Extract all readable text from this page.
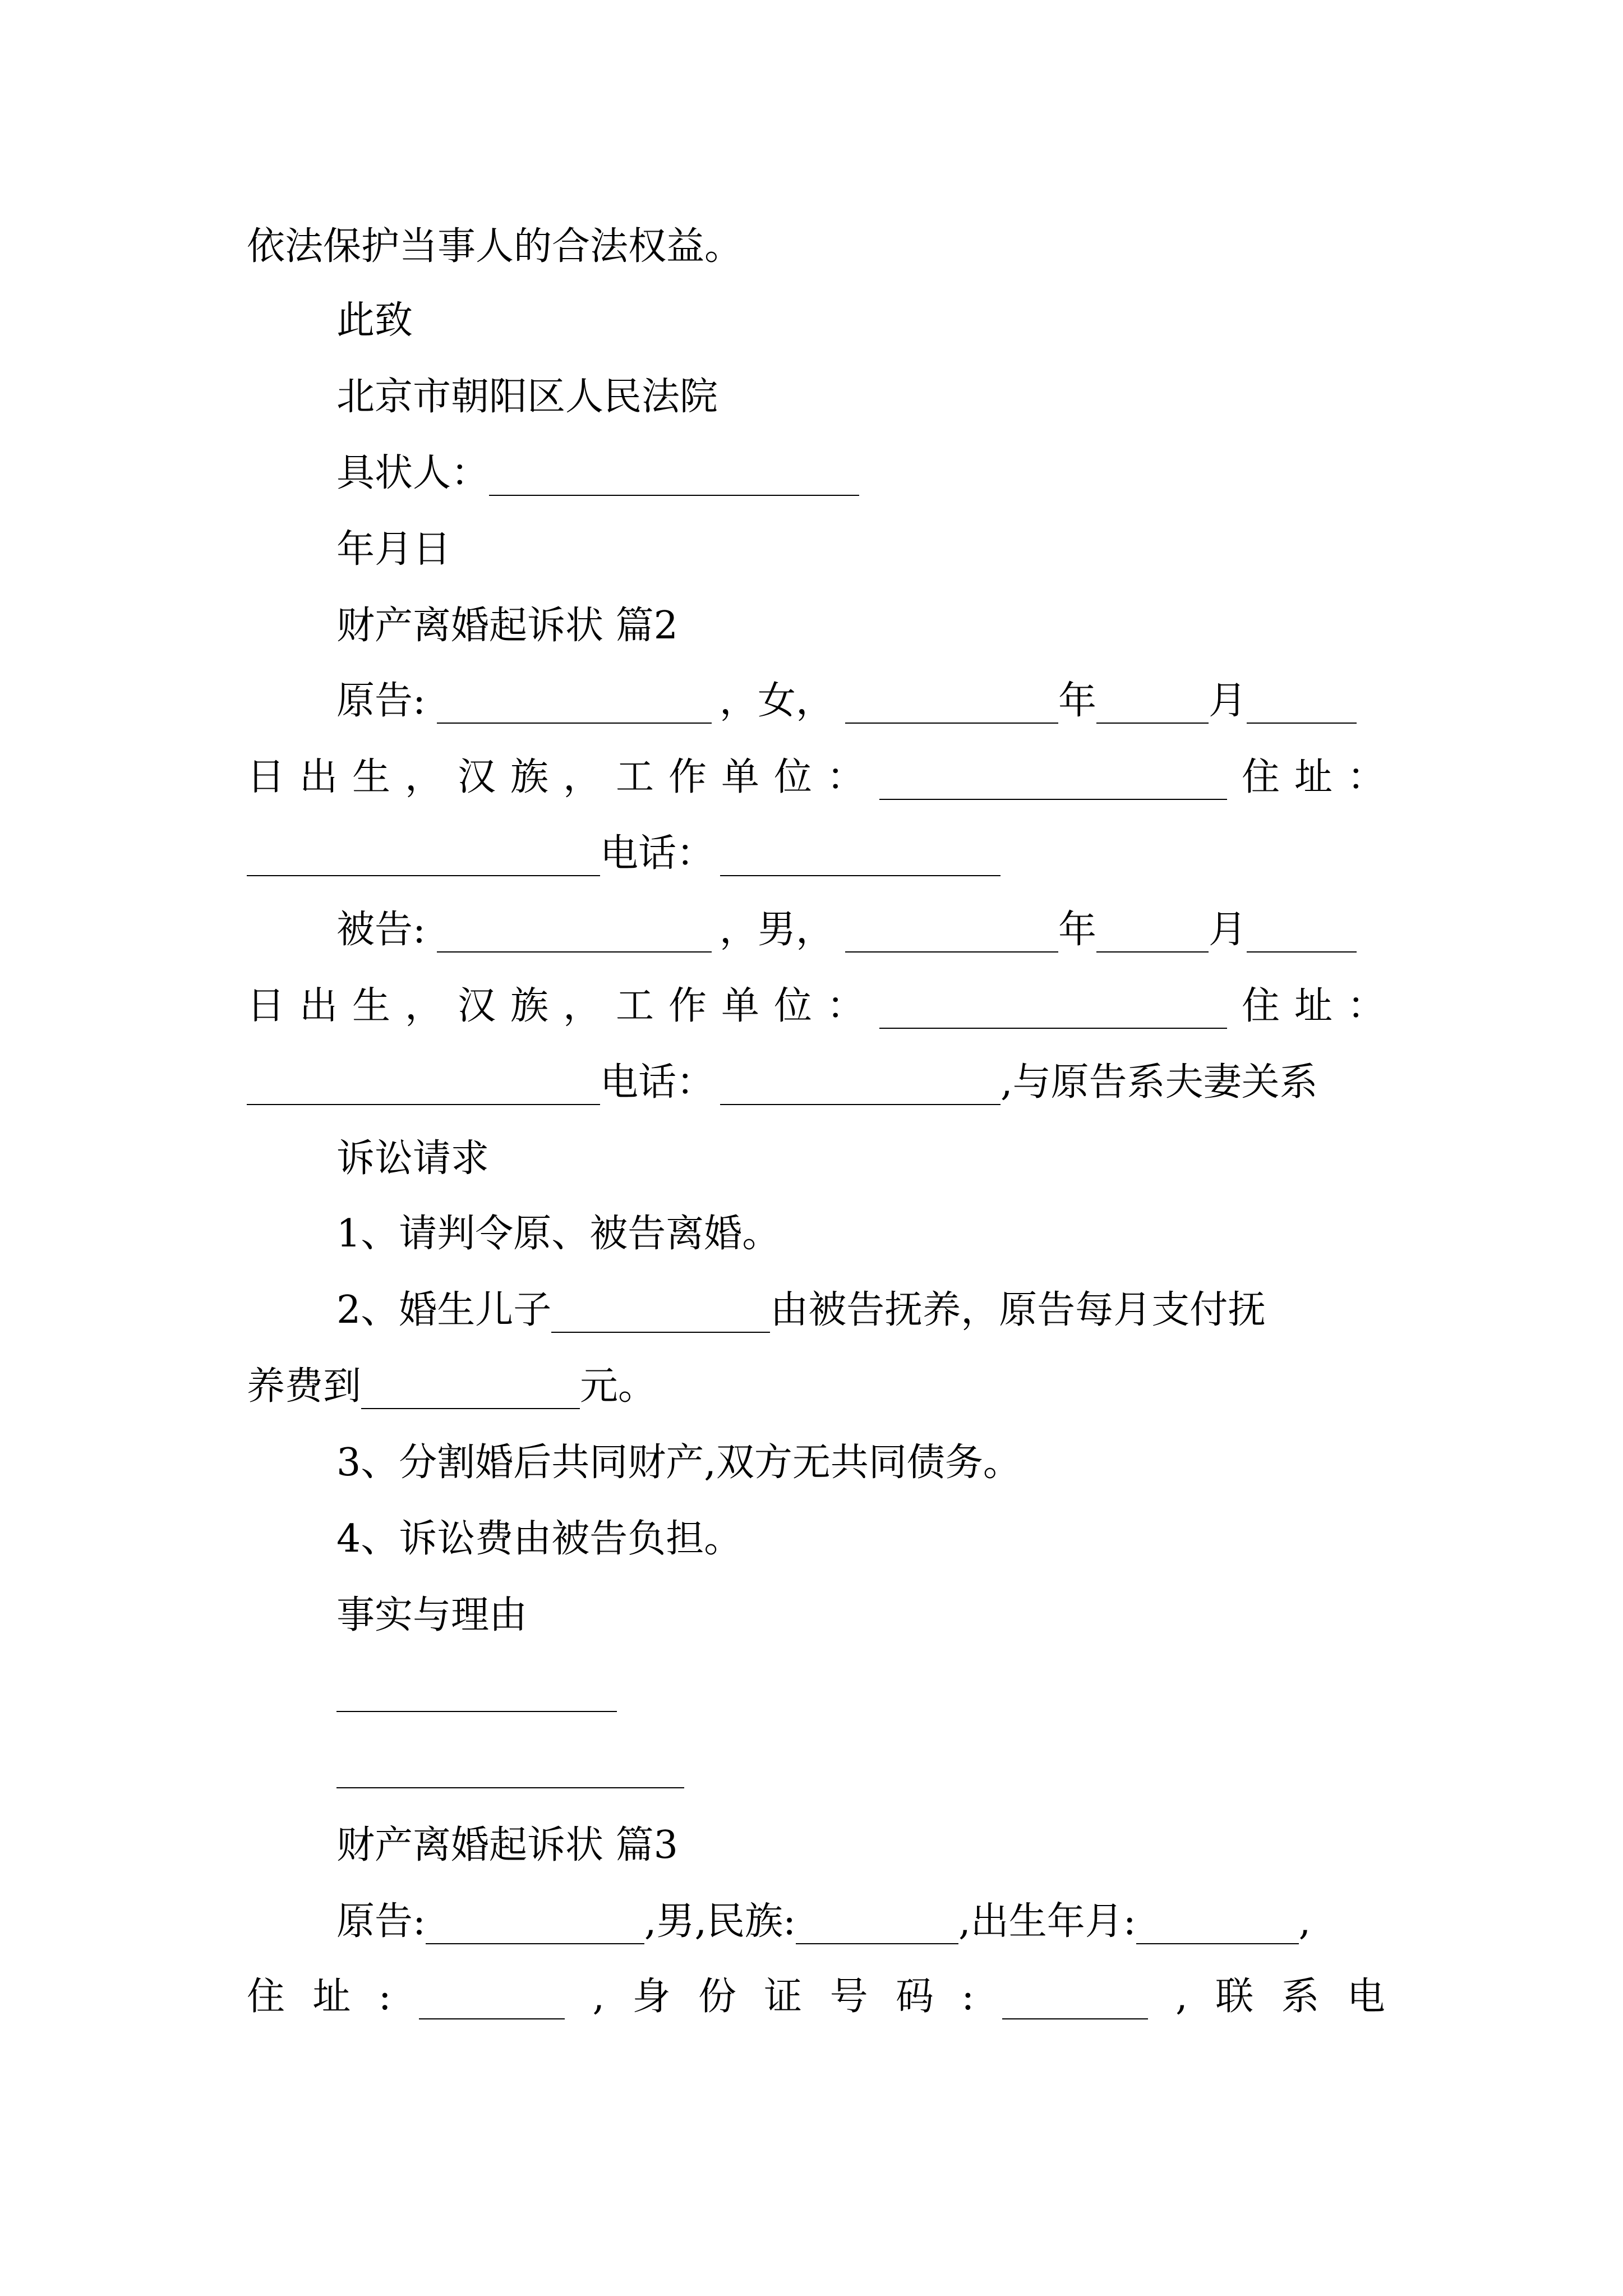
依法保护当事人的合法权益。
此致
北京市朝阳区人民法院
具状人：
年月日
财产离婚起诉状 篇2
原告:	， 女，	年	月
日 出 生 ， 汉 族 ， 工 作 单 位 ：	住 址 ：
电话：
被告:	， 男，	年	月
日 出 生 ， 汉 族 ， 工 作 单 位 ：	住 址 ：
电话：	,与原告系夫妻关系
诉讼请求
1、请判令原、被告离婚。
2、婚生儿子	由被告抚养，原告每月支付抚
养费到	元。
3、分割婚后共同财产,双方无共同债务。
4、诉讼费由被告负担。
事实与理由
财产离婚起诉状 篇3
原告:	,男,民族:	,出生年月:	,
住 址 :	, 身 份 证 号 码 :	, 联 系 电
